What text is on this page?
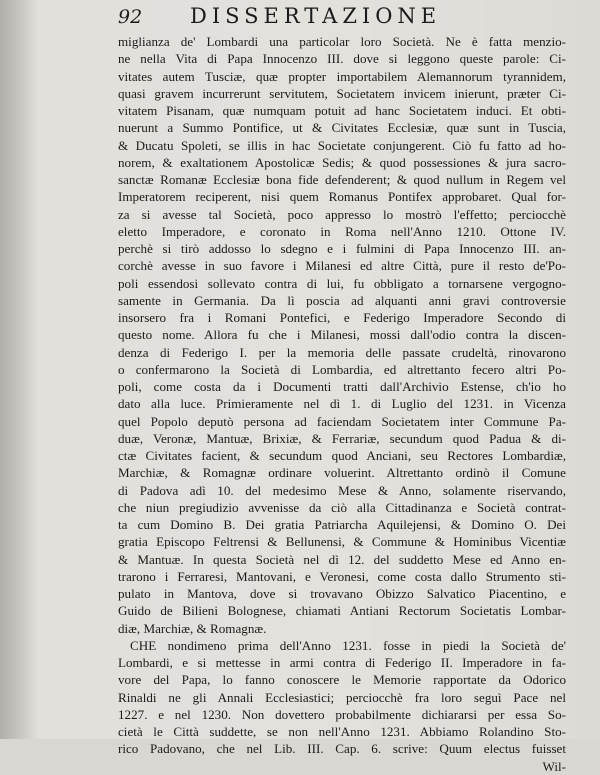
92 DISSERTAZIONE
miglianza de' Lombardi una particolar loro Società. Ne è fatta menzio-
ne nella Vita di Papa Innocenzo III. dove si leggono queste parole: Ci-
vitates autem Tusciæ, quæ propter importabilem Alemannorum tyrannidem,
quasi gravem incurrerunt servitutem, Societatem invicem inierunt, præter Ci-
vitatem Pisanam, quæ numquam potuit ad hanc Societatem induci. Et obti-
nuerunt a Summo Pontifice, ut & Civitates Ecclesiæ, quæ sunt in Tuscia,
& Ducatu Spoleti, se illis in hac Societate conjungerent. Ciò fu fatto ad ho-
norem, & exaltationem Apostolicæ Sedis; & quod possessiones & jura sacro-
sanctæ Romanæ Ecclesiæ bona fide defenderent; & quod nullum in Regem vel
Imperatorem reciperent, nisi quem Romanus Pontifex approbaret. Qual for-
za si avesse tal Società, poco appresso lo mostrò l'effetto; perciocchè
eletto Imperadore, e coronato in Roma nell'Anno 1210. Ottone IV.
perchè si tirò addosso lo sdegno e i fulmini di Papa Innocenzo III. an-
corchè avesse in suo favore i Milanesi ed altre Città, pure il resto de'Po-
poli essendosi sollevato contra di lui, fu obbligato a tornarsene vergogno-
samente in Germania. Da lì poscia ad alquanti anni gravi controversie
insorsero fra i Romani Pontefici, e Federigo Imperadore Secondo di
questo nome. Allora fu che i Milanesi, mossi dall'odio contra la discen-
denza di Federigo I. per la memoria delle passate crudeltà, rinovarono
o confermarono la Società di Lombardia, ed altrettanto fecero altri Po-
poli, come costa da i Documenti tratti dall'Archivio Estense, ch'io ho
dato alla luce. Primieramente nel dì 1. di Luglio del 1231. in Vicenza
quel Popolo deputò persona ad faciendam Societatem inter Commune Pa-
duæ, Veronæ, Mantuæ, Brixiæ, & Ferrariæ, secundum quod Padua & di-
ctæ Civitates facient, & secundum quod Anciani, seu Rectores Lombardiæ,
Marchiæ, & Romagnæ ordinare voluerint. Altrettanto ordinò il Comune
di Padova adì 10. del medesimo Mese & Anno, solamente riservando,
che niun pregiudizio avvenisse da ciò alla Cittadinanza e Società contrat-
ta cum Domino B. Dei gratia Patriarcha Aquilejensi, & Domino O. Dei
gratia Episcopo Feltrensi & Bellunensi, & Commune & Hominibus Vicentiæ
& Mantuæ. In questa Società nel dì 12. del suddetto Mese ed Anno en-
trarono i Ferraresi, Mantovani, e Veronesi, come costa dallo Strumento sti-
pulato in Mantova, dove si trovavano Obizzo Salvatico Piacentino, e
Guido de Bilieni Bolognese, chiamati Antiani Rectorum Societatis Lombar-
diæ, Marchiæ, & Romagnæ.
CHE nondimeno prima dell'Anno 1231. fosse in piedi la Società de'
Lombardi, e si mettesse in armi contra di Federigo II. Imperadore in fa-
vore del Papa, lo fanno conoscere le Memorie rapportate da Odorico
Rinaldi ne gli Annali Ecclesiastici; perciocchè fra loro seguì Pace nel
1227. e nel 1230. Non dovettero probabilmente dichiararsi per essa So-
cietà le Città suddette, se non nell'Anno 1231. Abbiamo Rolandino Sto-
rico Padovano, che nel Lib. III. Cap. 6. scrive: Quum electus fuisset
Wil-
